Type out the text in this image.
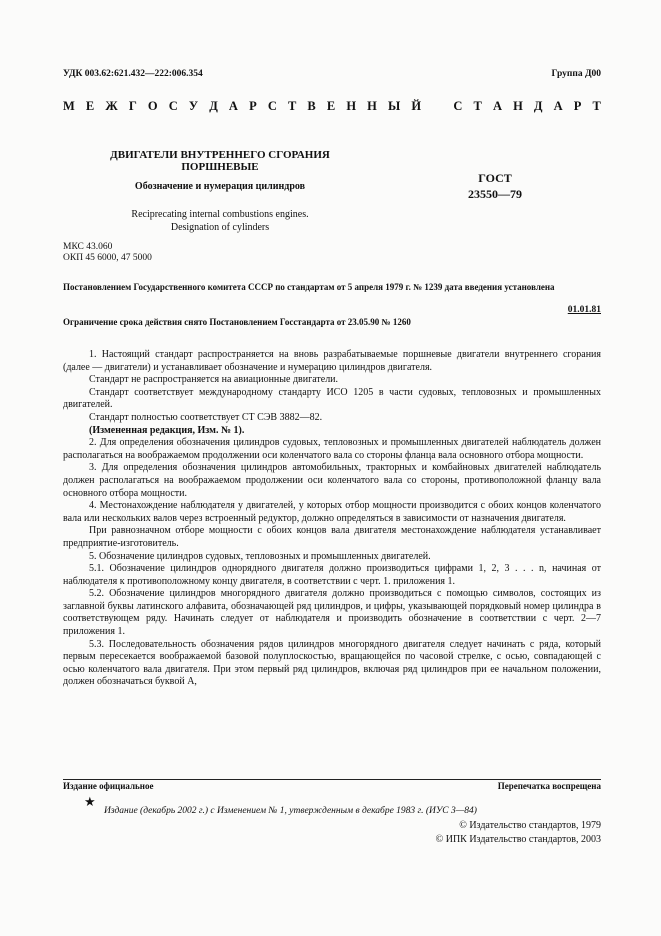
УДК 003.62:621.432—222:006.354	Группа Д00
М Е Ж Г О С У Д А Р С Т В Е Н Н Ы Й	С Т А Н Д А Р Т
ДВИГАТЕЛИ ВНУТРЕННЕГО СГОРАНИЯ
ПОРШНЕВЫЕ
Обозначение и нумерация цилиндров
Reciprecating internal combustions engines.
Designation of cylinders
ГОСТ
23550—79
МКС 43.060
ОКП 45 6000, 47 5000
Постановлением Государственного комитета СССР по стандартам от 5 апреля 1979 г. № 1239 дата введения установлена
01.01.81
Ограничение срока действия снято Постановлением Госстандарта от 23.05.90 № 1260

1. Настоящий стандарт распространяется на вновь разрабатываемые поршневые двигатели внутреннего сгорания (далее — двигатели) и устанавливает обозначение и нумерацию цилиндров двигателя.

Стандарт не распространяется на авиационные двигатели.

Стандарт соответствует международному стандарту ИСО 1205 в части судовых, тепловозных и промышленных двигателей.

Стандарт полностью соответствует СТ СЭВ 3882—82.

(Измененная редакция, Изм. № 1).

2. Для определения обозначения цилиндров судовых, тепловозных и промышленных двигателей наблюдатель должен располагаться на воображаемом продолжении оси коленчатого вала со стороны фланца вала основного отбора мощности.

3. Для определения обозначения цилиндров автомобильных, тракторных и комбайновых двигателей наблюдатель должен располагаться на воображаемом продолжении оси коленчатого вала со стороны, противоположной фланцу вала основного отбора мощности.

4. Местонахождение наблюдателя у двигателей, у которых отбор мощности производится с обоих концов коленчатого вала или нескольких валов через встроенный редуктор, должно определяться в зависимости от назначения двигателя.

При равнозначном отборе мощности с обоих концов вала двигателя местонахождение наблюдателя устанавливает предприятие-изготовитель.

5. Обозначение цилиндров судовых, тепловозных и промышленных двигателей.

5.1. Обозначение цилиндров однорядного двигателя должно производиться цифрами 1, 2, 3 . . . n, начиная от наблюдателя к противоположному концу двигателя, в соответствии с черт. 1. приложения 1.

5.2. Обозначение цилиндров многорядного двигателя должно производиться с помощью символов, состоящих из заглавной буквы латинского алфавита, обозначающей ряд цилиндров, и цифры, указывающей порядковый номер цилиндра в соответствующем ряду. Начинать следует от наблюдателя и производить обозначение в соответствии с черт. 2—7 приложения 1.

5.3. Последовательность обозначения рядов цилиндров многорядного двигателя следует начинать с ряда, который первым пересекается воображаемой базовой полуплоскостью, вращающейся по часовой стрелке, с осью, совпадающей с осью коленчатого вала двигателя. При этом первый ряд цилиндров, включая ряд цилиндров при ее начальном положении, должен обозначаться буквой A,

Издание официальное	Перепечатка воспрещена
★
Издание (декабрь 2002 г.) с Изменением № 1, утвержденным в декабре 1983 г. (ИУС 3—84)
© Издательство стандартов, 1979
© ИПК Издательство стандартов, 2003
